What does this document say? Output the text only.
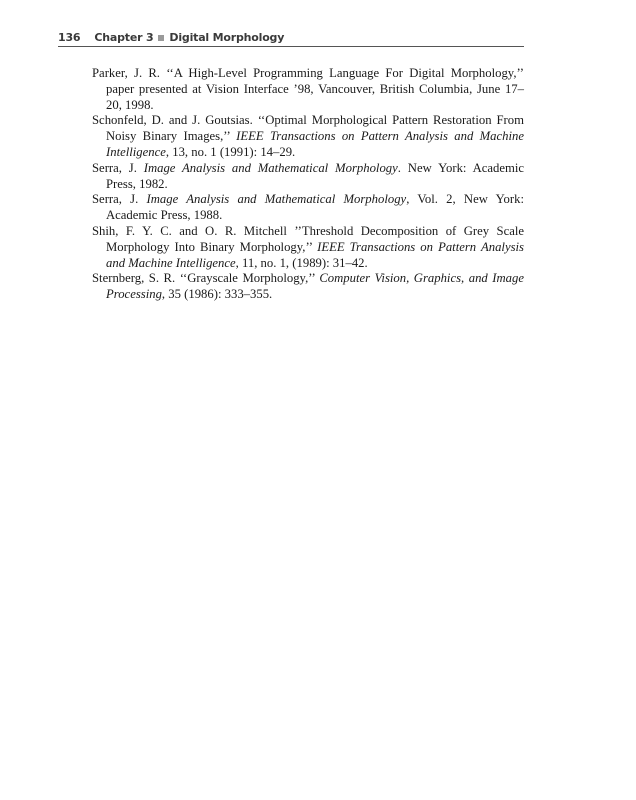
136 Chapter 3 Digital Morphology

Parker, J. R. ‘‘A High-Level Programming Language For Digital Morphology,’’ paper presented at Vision Interface ’98, Vancouver, British Columbia, June 17–20, 1998.

Schonfeld, D. and J. Goutsias. ‘‘Optimal Morphological Pattern Restoration From Noisy Binary Images,’’ IEEE Transactions on Pattern Analysis and Machine Intelligence, 13, no. 1 (1991): 14–29.

Serra, J. Image Analysis and Mathematical Morphology. New York: Academic Press, 1982.

Serra, J. Image Analysis and Mathematical Morphology, Vol. 2, New York: Academic Press, 1988.

Shih, F. Y. C. and O. R. Mitchell ’’Threshold Decomposition of Grey Scale Morphology Into Binary Morphology,’’ IEEE Transactions on Pattern Analysis and Machine Intelligence, 11, no. 1, (1989): 31–42.

Sternberg, S. R. ‘‘Grayscale Morphology,’’ Computer Vision, Graphics, and Image Processing, 35 (1986): 333–355.
